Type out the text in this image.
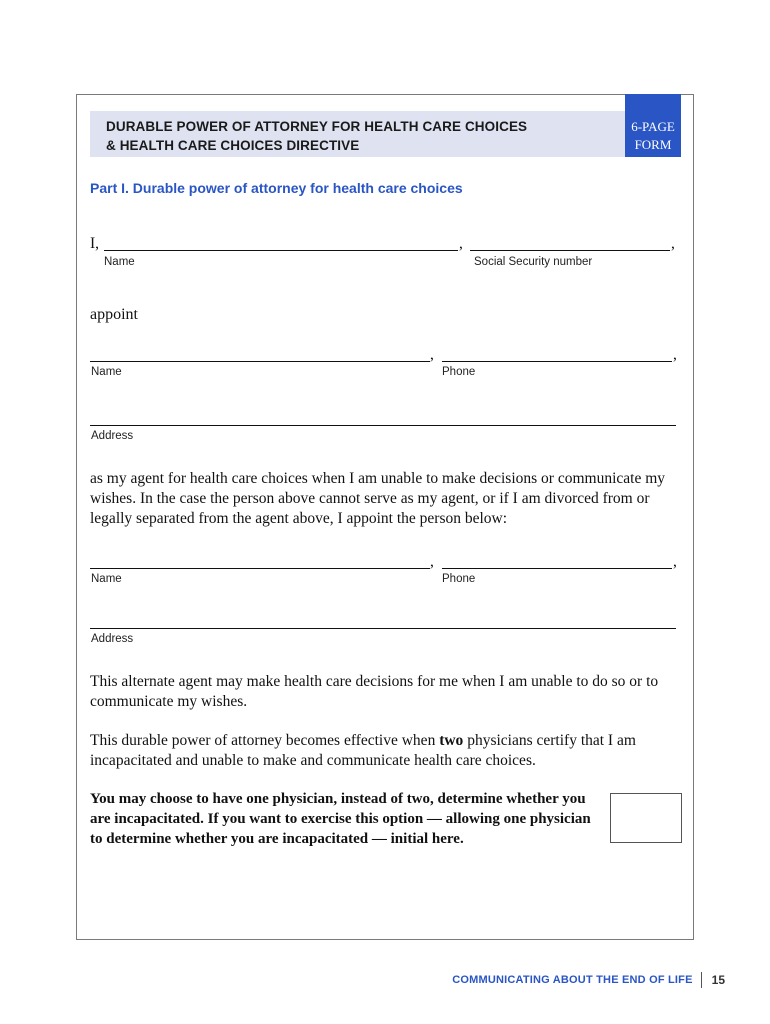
DURABLE POWER OF ATTORNEY FOR HEALTH CARE CHOICES
& HEALTH CARE CHOICES DIRECTIVE
6-PAGE
FORM
Part I. Durable power of attorney for health care choices
I,	,	,
Name	Social Security number
appoint
,	,
Name	Phone
Address
as my agent for health care choices when I am unable to make decisions or communicate my wishes. In the case the person above cannot serve as my agent, or if I am divorced from or legally separated from the agent above, I appoint the person below:
,	,
Name	Phone
Address
This alternate agent may make health care decisions for me when I am unable to do so or to communicate my wishes.
This durable power of attorney becomes effective when two physicians certify that I am incapacitated and unable to make and communicate health care choices.
You may choose to have one physician, instead of two, determine whether you are incapacitated. If you want to exercise this option — allowing one physician to determine whether you are incapacitated — initial here.
COMMUNICATING ABOUT THE END OF LIFE 15
